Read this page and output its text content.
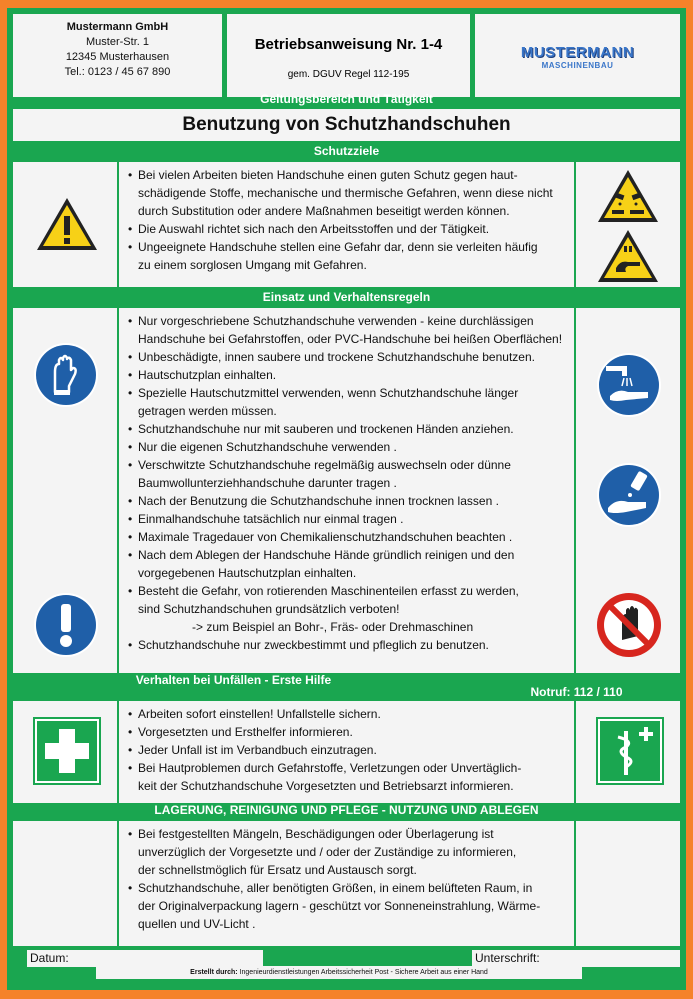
Mustermann GmbH
Muster-Str. 1
12345 Musterhausen
Tel.: 0123 / 45 67 890
Betriebsanweisung Nr. 1-4
gem. DGUV Regel 112-195
MUSTERMANN
MASCHINENBAU
Geltungsbereich und Tätigkeit
Benutzung von Schutzhandschuhen
Schutzziele
• Bei vielen Arbeiten bieten Handschuhe einen guten Schutz gegen haut-
schädigende Stoffe, mechanische und thermische Gefahren, wenn diese nicht
durch Substitution oder andere Maßnahmen beseitigt werden können.
• Die Auswahl richtet sich nach den Arbeitsstoffen und der Tätigkeit.
• Ungeeignete Handschuhe stellen eine Gefahr dar, denn sie verleiten häufig
zu einem sorglosen Umgang mit Gefahren.
Einsatz und Verhaltensregeln
• Nur vorgeschriebene Schutzhandschuhe verwenden - keine durchlässigen
Handschuhe bei Gefahrstoffen, oder PVC-Handschuhe bei heißen Oberflächen!
• Unbeschädigte, innen saubere und trockene Schutzhandschuhe benutzen.
• Hautschutzplan einhalten.
• Spezielle Hautschutzmittel verwenden, wenn Schutzhandschuhe länger
getragen werden müssen.
• Schutzhandschuhe nur mit sauberen und trockenen Händen anziehen.
• Nur die eigenen Schutzhandschuhe verwenden .
• Verschwitzte Schutzhandschuhe regelmäßig auswechseln oder dünne
Baumwollunterziehhandschuhe darunter tragen .
• Nach der Benutzung die Schutzhandschuhe innen trocknen lassen .
• Einmalhandschuhe tatsächlich nur einmal tragen .
• Maximale Tragedauer von Chemikalienschutzhandschuhen beachten .
• Nach dem Ablegen der Handschuhe Hände gründlich reinigen und den
vorgegebenen Hautschutzplan einhalten.
• Besteht die Gefahr, von rotierenden Maschinenteilen erfasst zu werden,
sind Schutzhandschuhen grundsätzlich verboten!
-> zum Beispiel an Bohr-, Fräs- oder Drehmaschinen
• Schutzhandschuhe nur zweckbestimmt und pfleglich zu benutzen.
Verhalten bei Unfällen - Erste Hilfe
• Arbeiten sofort einstellen! Unfallstelle sichern.
• Vorgesetzten und Ersthelfer informieren.
• Jeder Unfall ist im Verbandbuch einzutragen.
• Bei Hautproblemen durch Gefahrstoffe, Verletzungen oder Unvertäglich-
keit der Schutzhandschuhe Vorgesetzten und Betriebsarzt informieren.
Notruf: 112 / 110
LAGERUNG, REINIGUNG UND PFLEGE - NUTZUNG UND ABLEGEN
• Bei festgestellten Mängeln, Beschädigungen oder Überlagerung ist
unverzüglich der Vorgesetzte und / oder der Zuständige zu informieren,
der schnellstmöglich für Ersatz und Austausch sorgt.
• Schutzhandschuhe, aller benötigten Größen, in einem belüfteten Raum, in
der Originalverpackung lagern - geschützt vor Sonneneinstrahlung, Wärme-
quellen und UV-Licht .
Datum:	Unterschrift:
Erstellt durch: Ingenieurdienstleistungen Arbeitssicherheit Post - Sichere Arbeit aus einer Hand
